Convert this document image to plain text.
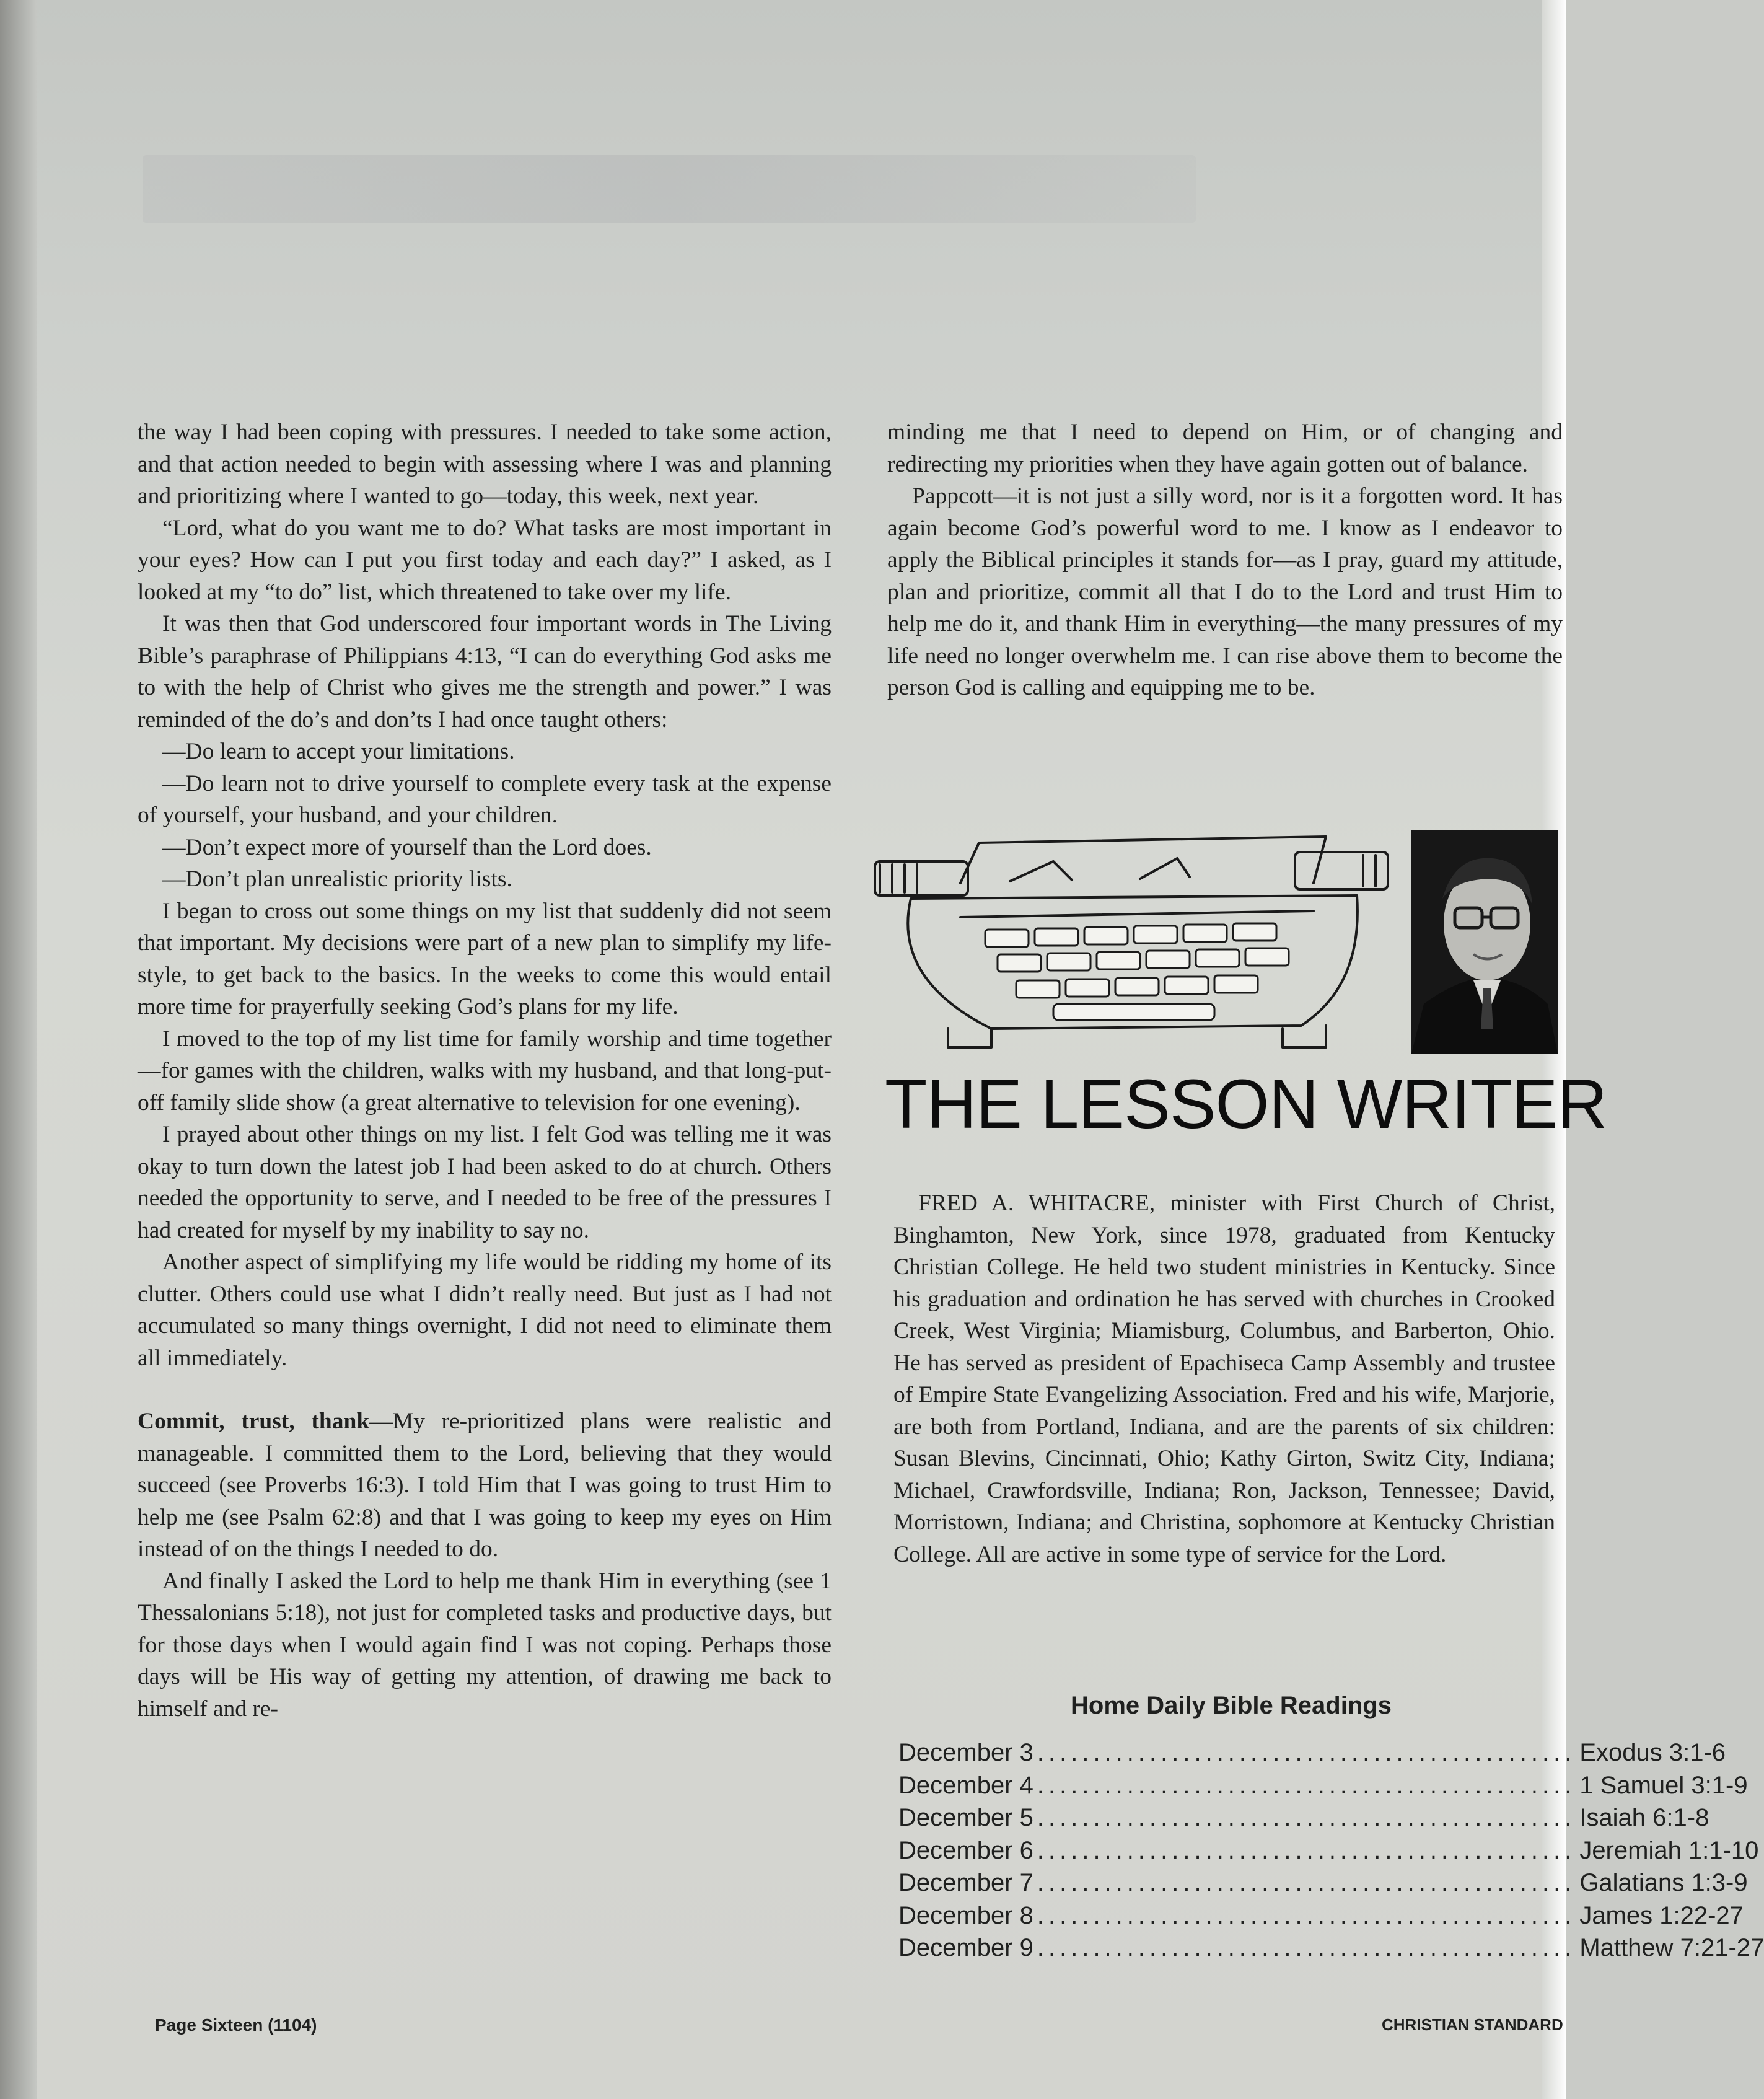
the way I had been coping with pressures. I needed to take some action, and that action needed to begin with assessing where I was and planning and prioritizing where I wanted to go—today, this week, next year.

“Lord, what do you want me to do? What tasks are most important in your eyes? How can I put you first today and each day?” I asked, as I looked at my “to do” list, which threatened to take over my life.

It was then that God underscored four important words in The Living Bible’s paraphrase of Philippians 4:13, “I can do everything God asks me to with the help of Christ who gives me the strength and power.” I was reminded of the do’s and don’ts I had once taught others:

—Do learn to accept your limitations.

—Do learn not to drive yourself to complete every task at the expense of yourself, your husband, and your children.

—Don’t expect more of yourself than the Lord does.

—Don’t plan unrealistic priority lists.

I began to cross out some things on my list that suddenly did not seem that important. My decisions were part of a new plan to simplify my life-style, to get back to the basics. In the weeks to come this would entail more time for prayerfully seeking God’s plans for my life.

I moved to the top of my list time for family worship and time together—for games with the children, walks with my husband, and that long-put-off family slide show (a great alternative to television for one evening).

I prayed about other things on my list. I felt God was telling me it was okay to turn down the latest job I had been asked to do at church. Others needed the opportunity to serve, and I needed to be free of the pressures I had created for myself by my inability to say no.

Another aspect of simplifying my life would be ridding my home of its clutter. Others could use what I didn’t really need. But just as I had not accumulated so many things overnight, I did not need to eliminate them all immediately.

Commit, trust, thank—My re-prioritized plans were realistic and manageable. I committed them to the Lord, believing that they would succeed (see Proverbs 16:3). I told Him that I was going to trust Him to help me (see Psalm 62:8) and that I was going to keep my eyes on Him instead of on the things I needed to do.

And finally I asked the Lord to help me thank Him in everything (see 1 Thessalonians 5:18), not just for completed tasks and productive days, but for those days when I would again find I was not coping. Perhaps those days will be His way of getting my attention, of drawing me back to himself and re-

minding me that I need to depend on Him, or of changing and redirecting my priorities when they have again gotten out of balance.

Pappcott—it is not just a silly word, nor is it a forgotten word. It has again become God’s powerful word to me. I know as I endeavor to apply the Biblical principles it stands for—as I pray, guard my attitude, plan and prioritize, commit all that I do to the Lord and trust Him to help me do it, and thank Him in everything—the many pressures of my life need no longer overwhelm me. I can rise above them to become the person God is calling and equipping me to be.

THE LESSON WRITER

FRED A. WHITACRE, minister with First Church of Christ, Binghamton, New York, since 1978, graduated from Kentucky Christian College. He held two student ministries in Kentucky. Since his graduation and ordination he has served with churches in Crooked Creek, West Virginia; Miamisburg, Columbus, and Barberton, Ohio. He has served as president of Epachiseca Camp Assembly and trustee of Empire State Evangelizing Association. Fred and his wife, Marjorie, are both from Portland, Indiana, and are the parents of six children: Susan Blevins, Cincinnati, Ohio; Kathy Girton, Switz City, Indiana; Michael, Crawfordsville, Indiana; Ron, Jackson, Tennessee; David, Morristown, Indiana; and Christina, sophomore at Kentucky Christian College. All are active in some type of service for the Lord.

Home Daily Bible Readings
December 3 ................................................ Exodus 3:1-6
December 4 ................................................ 1 Samuel 3:1-9
December 5 ................................................ Isaiah 6:1-8
December 6 ................................................ Jeremiah 1:1-10
December 7 ................................................ Galatians 1:3-9
December 8 ................................................ James 1:22-27
December 9 ................................................ Matthew 7:21-27
Page Sixteen (1104)	CHRISTIAN STANDARD
